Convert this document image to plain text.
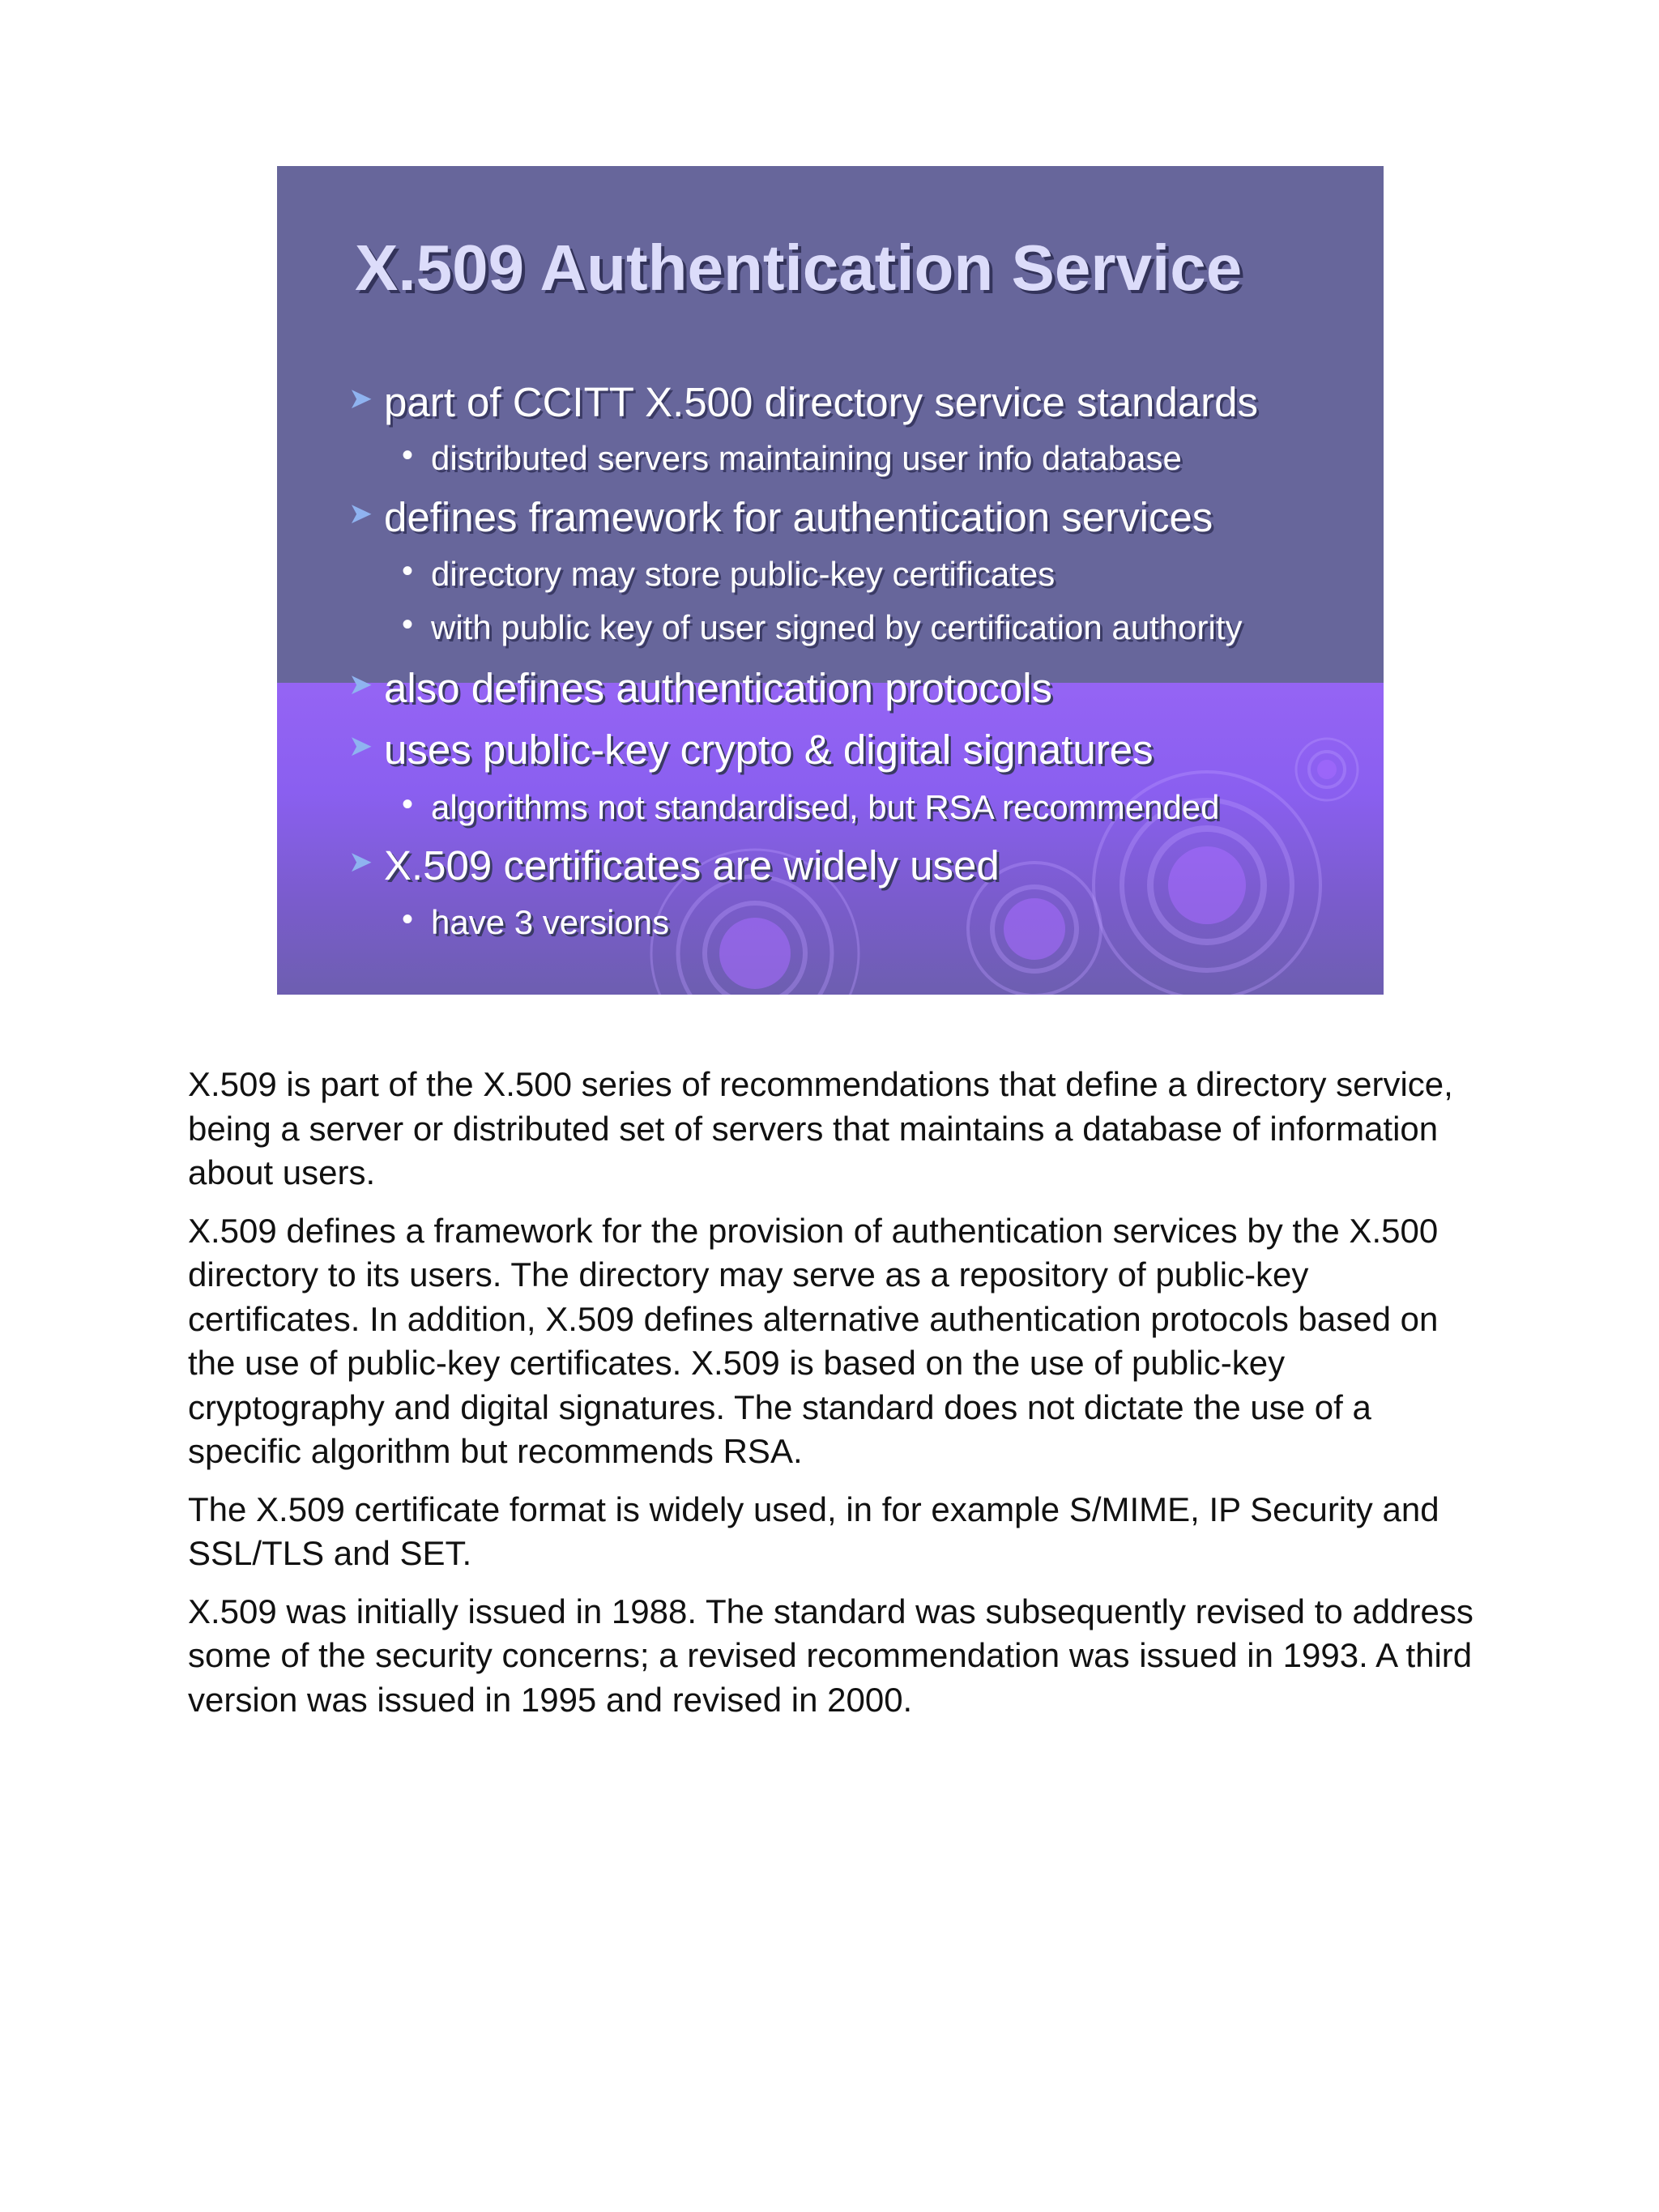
X.509 Authentication Service
➤ part of CCITT X.500 directory service standards
• distributed servers maintaining user info database
➤ defines framework for authentication services
• directory may store public-key certificates
• with public key of user signed by certification authority
➤ also defines authentication protocols
➤ uses public-key crypto & digital signatures
• algorithms not standardised, but RSA recommended
➤ X.509 certificates are widely used
• have 3 versions

X.509 is part of the X.500 series of recommendations that define a directory service, being a server or distributed set of servers that maintains a database of information about users.

X.509 defines a framework for the provision of authentication services by the X.500 directory to its users. The directory may serve as a repository of public-key certificates. In addition, X.509 defines alternative authentication protocols based on the use of public-key certificates. X.509 is based on the use of public-key cryptography and digital signatures. The standard does not dictate the use of a specific algorithm but recommends RSA.

The X.509 certificate format is widely used, in for example S/MIME, IP Security and SSL/TLS and SET.

X.509 was initially issued in 1988. The standard was subsequently revised to address some of the security concerns; a revised recommendation was issued in 1993. A third version was issued in 1995 and revised in 2000.
